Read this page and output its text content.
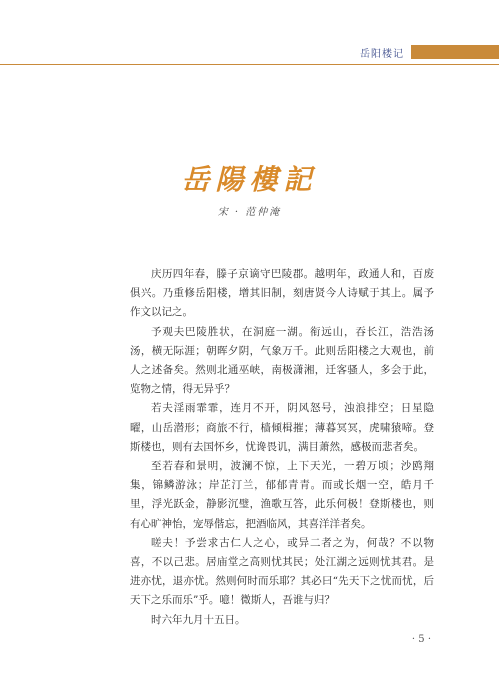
岳阳楼记
岳陽樓記
宋 · 范仲淹

庆历四年春，滕子京谪守巴陵郡。越明年，政通人和，百废俱兴。乃重修岳阳楼，增其旧制，刻唐贤今人诗赋于其上。属予作文以记之。

予观夫巴陵胜状，在洞庭一湖。衔远山，吞长江，浩浩汤汤，横无际涯；朝晖夕阴，气象万千。此则岳阳楼之大观也，前人之述备矣。然则北通巫峡，南极潇湘，迁客骚人，多会于此，览物之情，得无异乎？

若夫淫雨霏霏，连月不开，阴风怒号，浊浪排空；日星隐曜，山岳潜形；商旅不行，樯倾楫摧；薄暮冥冥，虎啸猿啼。登斯楼也，则有去国怀乡，忧谗畏讥，满目萧然，感极而悲者矣。

至若春和景明，波澜不惊，上下天光，一碧万顷；沙鸥翔集，锦鳞游泳；岸芷汀兰，郁郁青青。而或长烟一空，皓月千里，浮光跃金，静影沉璧，渔歌互答，此乐何极！登斯楼也，则有心旷神怡，宠辱偕忘，把酒临风，其喜洋洋者矣。

嗟夫！予尝求古仁人之心，或异二者之为，何哉？不以物喜，不以己悲。居庙堂之高则忧其民；处江湖之远则忧其君。是进亦忧，退亦忧。然则何时而乐耶？其必曰“先天下之忧而忧，后天下之乐而乐”乎。噫！微斯人，吾谁与归？

时六年九月十五日。

· 5 ·
